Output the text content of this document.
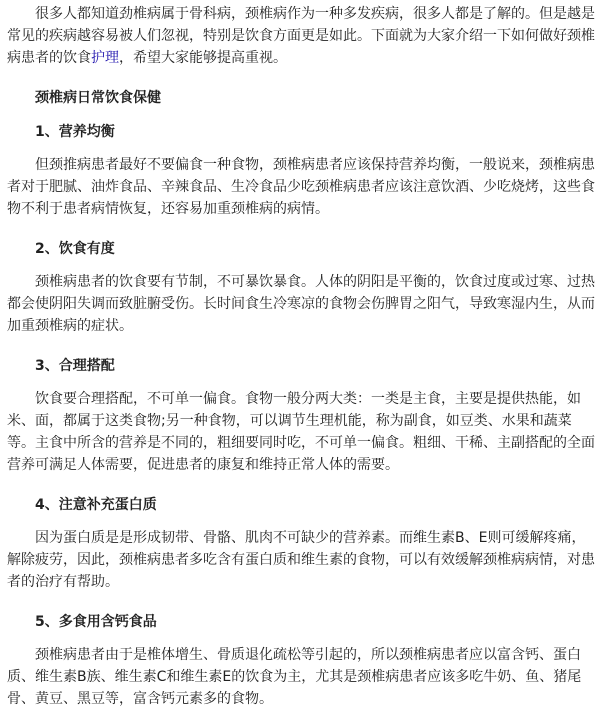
很多人都知道劲椎病属于骨科病，颈椎病作为一种多发疾病，很多人都是了解的。但是越是常见的疾病越容易被人们忽视，特别是饮食方面更是如此。下面就为大家介绍一下如何做好颈椎病患者的饮食护理，希望大家能够提高重视。

颈椎病日常饮食保健

1、营养均衡

但颈推病患者最好不要偏食一种食物，颈椎病患者应该保持营养均衡，一般说来，颈椎病患者对于肥腻、油炸食品、辛辣食品、生冷食品少吃颈椎病患者应该注意饮酒、少吃烧烤，这些食物不利于患者病情恢复，还容易加重颈椎病的病情。

2、饮食有度

颈椎病患者的饮食要有节制，不可暴饮暴食。人体的阴阳是平衡的，饮食过度或过寒、过热都会使阴阳失调而致脏腑受伤。长时间食生冷寒凉的食物会伤脾胃之阳气，导致寒湿内生，从而加重颈椎病的症状。

3、合理搭配

饮食要合理搭配，不可单一偏食。食物一般分两大类：一类是主食，主要是提供热能，如米、面，都属于这类食物;另一种食物，可以调节生理机能，称为副食，如豆类、水果和蔬菜等。主食中所含的营养是不同的，粗细要同时吃，不可单一偏食。粗细、干稀、主副搭配的全面营养可满足人体需要，促进患者的康复和维持正常人体的需要。

4、注意补充蛋白质

因为蛋白质是是形成韧带、骨骼、肌肉不可缺少的营养素。而维生素B、E则可缓解疼痛，解除疲劳，因此，颈椎病患者多吃含有蛋白质和维生素的食物，可以有效缓解颈椎病病情，对患者的治疗有帮助。

5、多食用含钙食品

颈椎病患者由于是椎体增生、骨质退化疏松等引起的，所以颈椎病患者应以富含钙、蛋白质、维生素B族、维生素C和维生素E的饮食为主，尤其是颈椎病患者应该多吃牛奶、鱼、猪尾骨、黄豆、黑豆等，富含钙元素多的食物。
